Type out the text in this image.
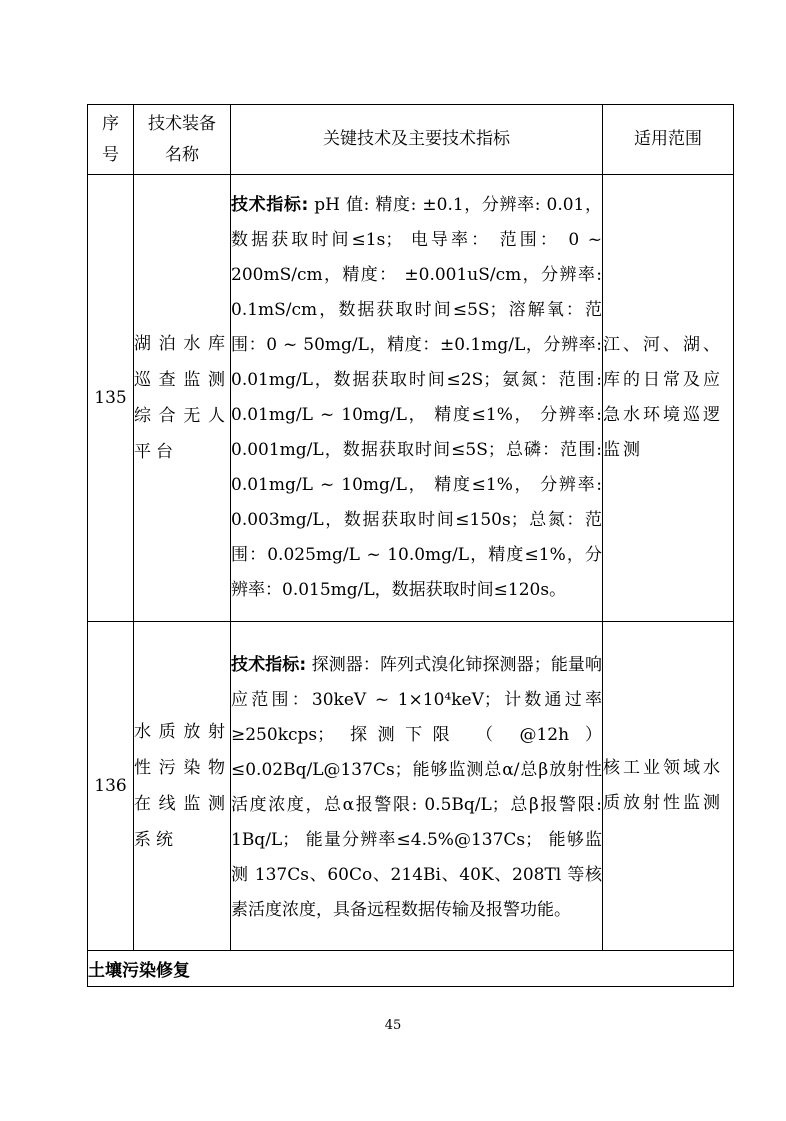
序号	技术装备名称	关键技术及主要技术指标	适用范围
135	湖泊水库巡查监测综合无人平台	技术指标: pH 值: 精度: ±0.1，分辨率: 0.01，数据获取时间≤1s； 电导率： 范围： 0 ~ 200mS/cm，精度： ±0.001uS/cm，分辨率: 0.1mS/cm，数据获取时间≤5S；溶解氧：范围：0 ~ 50mg/L，精度：±0.1mg/L，分辨率: 0.01mg/L，数据获取时间≤2S；氨氮：范围: 0.01mg/L ~ 10mg/L， 精度≤1%， 分辨率: 0.001mg/L，数据获取时间≤5S；总磷：范围: 0.01mg/L ~ 10mg/L， 精度≤1%， 分辨率: 0.003mg/L，数据获取时间≤150s；总氮：范围：0.025mg/L ~ 10.0mg/L，精度≤1%，分辨率：0.015mg/L，数据获取时间≤120s。	江、河、湖、库的日常及应急水环境巡逻监测
136	水质放射性污染物在线监测系统	技术指标: 探测器：阵列式溴化铈探测器；能量响应范围：30keV ~ 1×10⁴keV；计数通过率≥250kcps； 探测下限 （ @12h ） ≤0.02Bq/L@137Cs；能够监测总α/总β放射性活度浓度，总α报警限: 0.5Bq/L；总β报警限: 1Bq/L； 能量分辨率≤4.5%@137Cs； 能够监测 137Cs、60Co、214Bi、40K、208Tl 等核素活度浓度，具备远程数据传输及报警功能。	核工业领域水质放射性监测
土壤污染修复			
45
